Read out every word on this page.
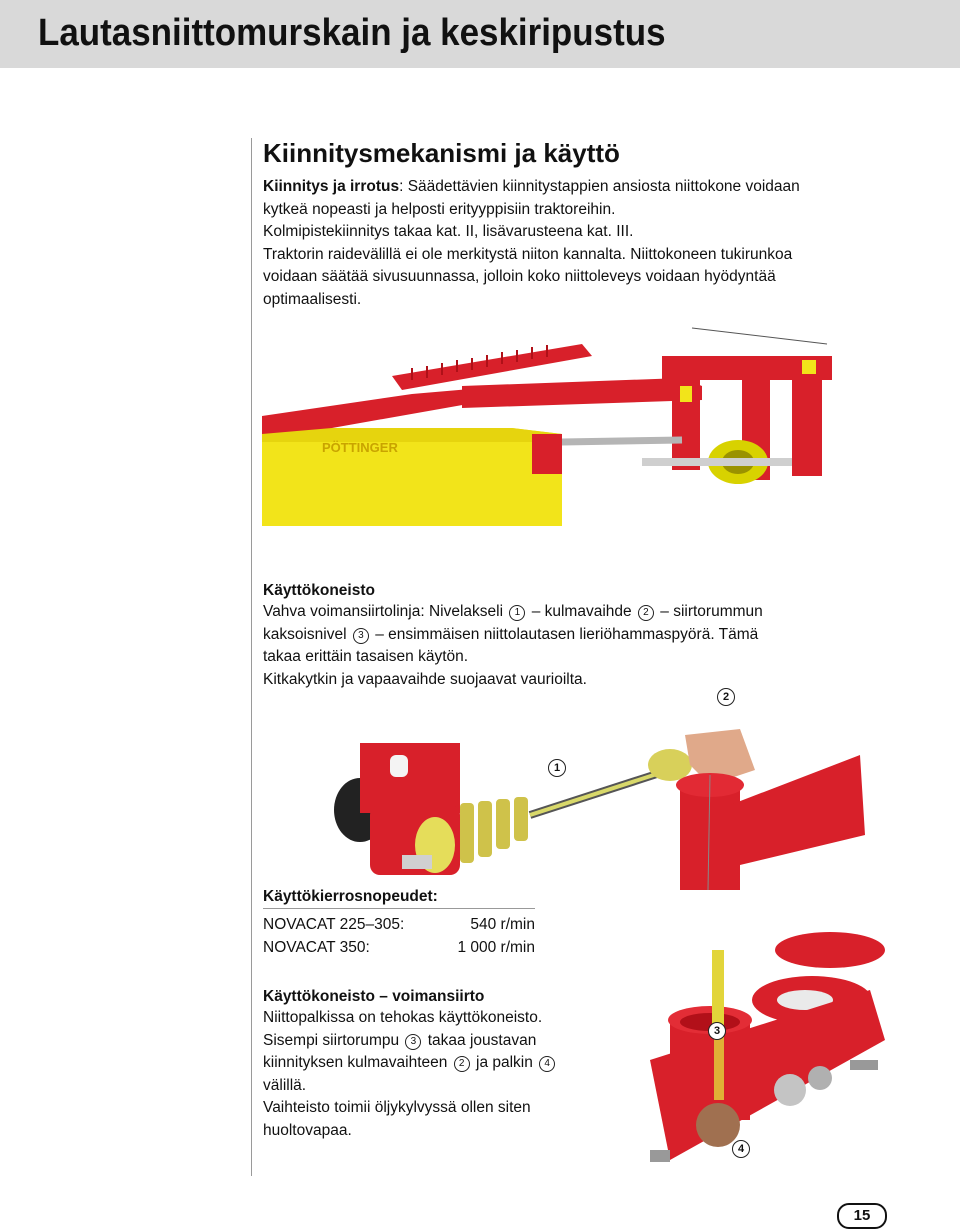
Lautasniittomurskain ja keskiripustus
Kiinnitysmekanismi ja käyttö
Kiinnitys ja irrotus: Säädettävien kiinnitystappien ansiosta niittokone voidaan
kytkeä nopeasti ja helposti erityyppisiin traktoreihin.
Kolmipistekiinnitys takaa kat. II, lisävarusteena kat. III.
Traktorin raidevälillä ei ole merkitystä niiton kannalta. Niittokoneen tukirunkoa
voidaan säätää sivusuunnassa, jolloin koko niittoleveys voidaan hyödyntää
optimaalisesti.
PÖTTINGER
Käyttökoneisto
Vahva voimansiirtolinja: Nivelakseli 1 – kulmavaihde 2 – siirtorummun
kaksoisnivel 3 – ensimmäisen niittolautasen lieriöhammaspyörä. Tämä
takaa erittäin tasaisen käytön.
Kitkakytkin ja vapaavaihde suojaavat vaurioilta.
2
1
Käyttökierrosnopeudet:
NOVACAT 225–305:	540 r/min
NOVACAT 350:	1 000 r/min
Käyttökoneisto – voimansiirto
Niittopalkissa on tehokas käyttökoneisto.
Sisempi siirtorumpu 3 takaa joustavan
kiinnityksen kulmavaihteen 2 ja palkin 4
välillä.
Vaihteisto toimii öljykylvyssä ollen siten
huoltovapaa.
3
4
15
